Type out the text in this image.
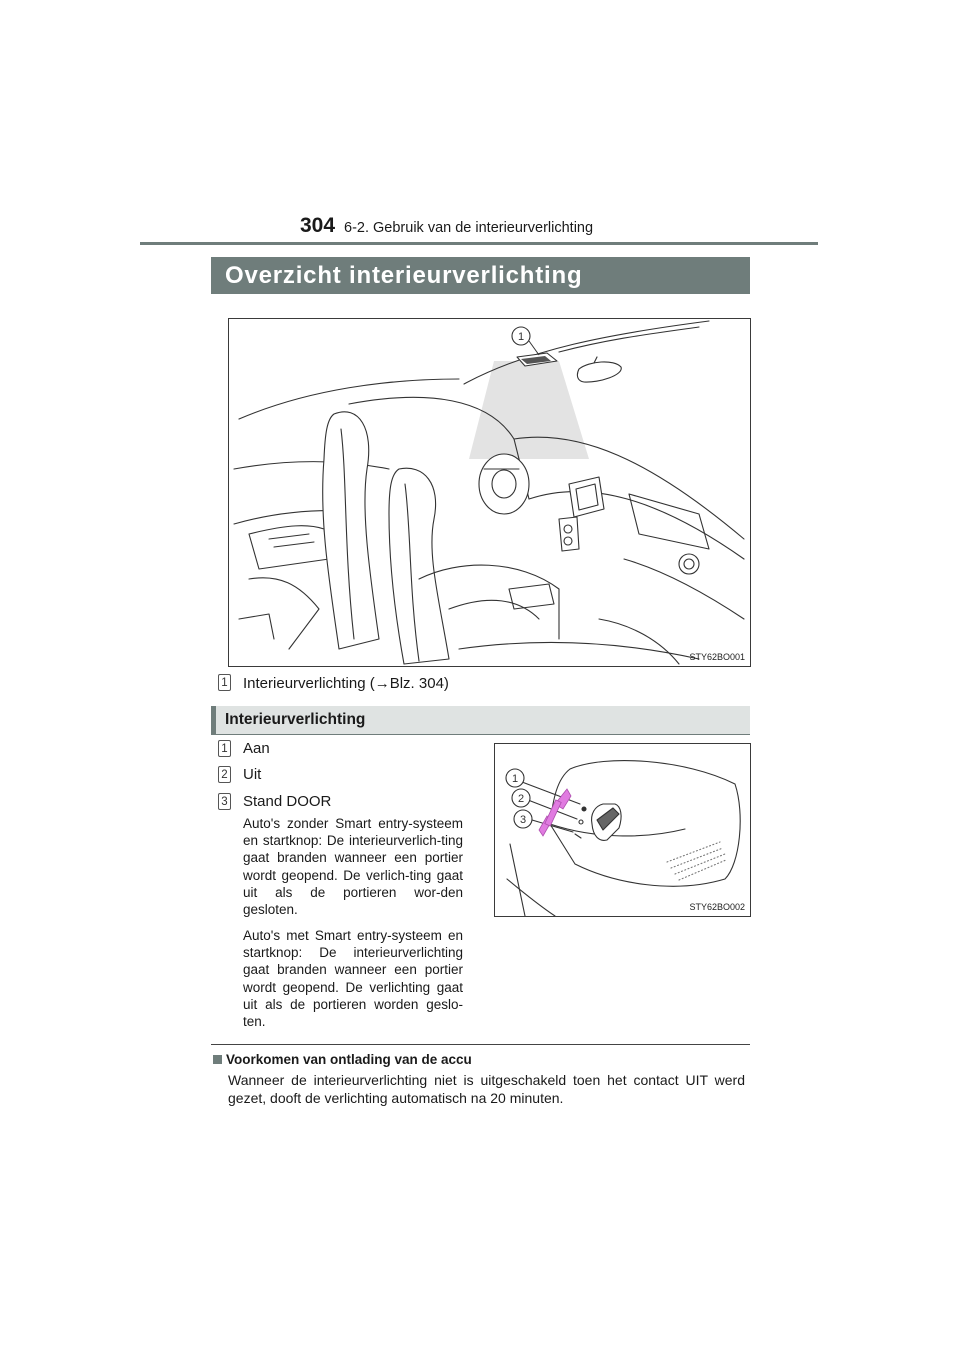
304 6-2. Gebruik van de interieurverlichting
Overzicht interieurverlichting
1
STY62BO001
1 Interieurverlichting (→Blz. 304)
Interieurverlichting
1 Aan
2 Uit
3 Stand DOOR
Auto's zonder Smart entry-systeem en startknop: De interieurverlich-ting gaat branden wanneer een portier wordt geopend. De verlich-ting gaat uit als de portieren wor-den gesloten.
Auto's met Smart entry-systeem en startknop: De interieurverlichting gaat branden wanneer een portier wordt geopend. De verlichting gaat uit als de portieren worden geslo-ten.
1
2
3
STY62BO002
Voorkomen van ontlading van de accu
Wanneer de interieurverlichting niet is uitgeschakeld toen het contact UIT werd gezet, dooft de verlichting automatisch na 20 minuten.
